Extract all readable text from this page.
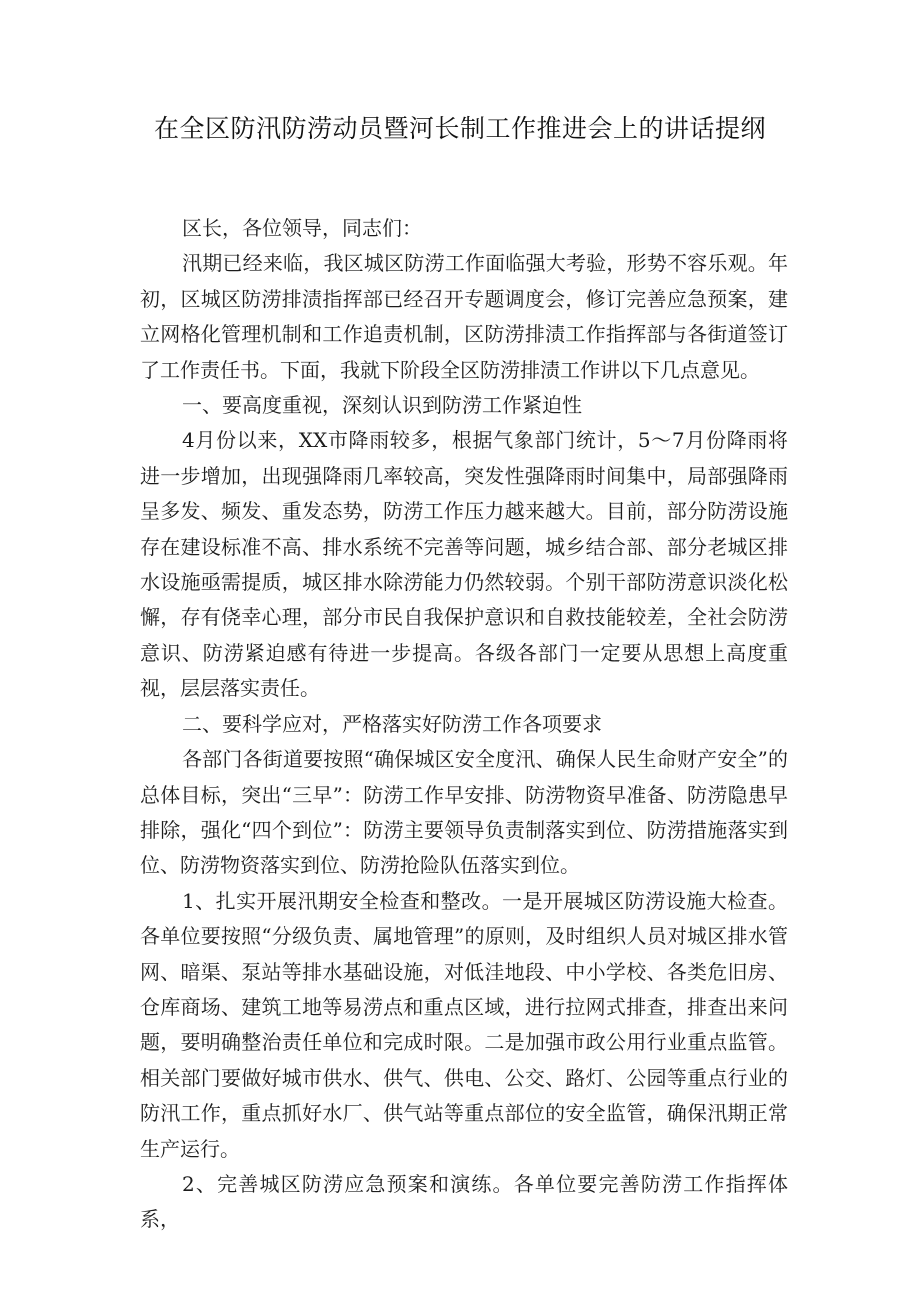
在全区防汛防涝动员暨河长制工作推进会上的讲话提纲

区长，各位领导，同志们：

汛期已经来临，我区城区防涝工作面临强大考验，形势不容乐观。年初，区城区防涝排渍指挥部已经召开专题调度会，修订完善应急预案，建立网格化管理机制和工作追责机制，区防涝排渍工作指挥部与各街道签订了工作责任书。下面，我就下阶段全区防涝排渍工作讲以下几点意见。

一、要高度重视，深刻认识到防涝工作紧迫性

4月份以来，XX市降雨较多，根据气象部门统计，5～7月份降雨将进一步增加，出现强降雨几率较高，突发性强降雨时间集中，局部强降雨呈多发、频发、重发态势，防涝工作压力越来越大。目前，部分防涝设施存在建设标准不高、排水系统不完善等问题，城乡结合部、部分老城区排水设施亟需提质，城区排水除涝能力仍然较弱。个别干部防涝意识淡化松懈，存有侥幸心理，部分市民自我保护意识和自救技能较差，全社会防涝意识、防涝紧迫感有待进一步提高。各级各部门一定要从思想上高度重视，层层落实责任。

二、要科学应对，严格落实好防涝工作各项要求

各部门各街道要按照“确保城区安全度汛、确保人民生命财产安全”的总体目标，突出“三早”：防涝工作早安排、防涝物资早准备、防涝隐患早排除，强化“四个到位”：防涝主要领导负责制落实到位、防涝措施落实到位、防涝物资落实到位、防涝抢险队伍落实到位。

1、扎实开展汛期安全检查和整改。一是开展城区防涝设施大检查。各单位要按照“分级负责、属地管理”的原则，及时组织人员对城区排水管网、暗渠、泵站等排水基础设施，对低洼地段、中小学校、各类危旧房、仓库商场、建筑工地等易涝点和重点区域，进行拉网式排查，排查出来问题，要明确整治责任单位和完成时限。二是加强市政公用行业重点监管。相关部门要做好城市供水、供气、供电、公交、路灯、公园等重点行业的防汛工作，重点抓好水厂、供气站等重点部位的安全监管，确保汛期正常生产运行。

2、完善城区防涝应急预案和演练。各单位要完善防涝工作指挥体系，
